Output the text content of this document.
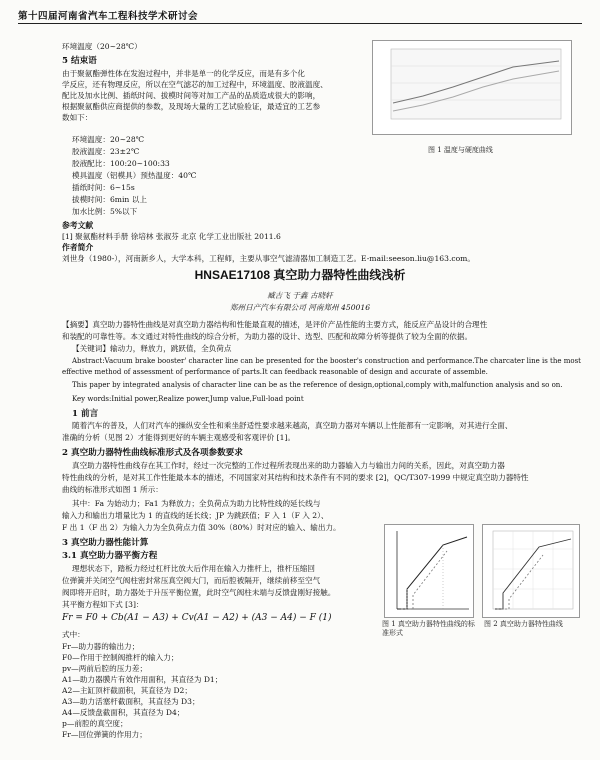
第十四届河南省汽车工程科技学术研讨会
环境温度（20~28℃）
5 结束语
由于聚氨酯弹性体在发泡过程中，并非是单一的化学反应，而是有多个化
学反应，还有物理反应，所以在空气滤芯的加工过程中，环境温度、胶液温度、
配比及加水比例、插纸时间、拔模时间等对加工产品的品质造成很大的影响，
根据聚氨酯供应商提供的参数，及现场大量的工艺试验验证，最适宜的工艺参
数如下：
环境温度：20~28℃
胶液温度：23±2℃
胶液配比：100:20~100:33
模具温度（铝模具）预热温度：40℃
插纸时间：6~15s
拔模时间：6min 以上
加水比例：5%以下
参考文献
[1] 聚氨酯材料手册 徐培林 张淑芬 北京 化学工业出版社 2011.6
作者简介
刘世身（1980-），河南新乡人，大学本科，工程师，主要从事空气滤清器加工制造工艺。E-mail:seeson.liu@163.com。
图 1 温度与硬度曲线
HNSAE17108 真空助力器特性曲线浅析
臧吉飞 于鑫 古晓轩
郑州日产汽车有限公司 河南郑州 450016
【摘要】真空助力器特性曲线是对真空助力器结构和性能最直观的描述，是评价产品性能的主要方式，能反应产品设计的合理性
和装配的可靠性等。本文通过对特性曲线的综合分析，为助力器的设计、选型、匹配和故障分析等提供了较为全面的依据。
【关键词】输动力，释放力，跳跃值，全负荷点
Abstract:Vacuum brake booster' character line can be presented for the booster's construction and performance.The charcater line is the most
effective method of assessment of performance of parts.It can feedback reasonable of design and accurate of assemble.
This paper by integrated analysis of character line can be as the reference of design,optional,comply with,malfunction analysis and so on.
Key words:Initial power,Realize power,Jump value,Full-load point
1 前言
随着汽车的普及，人们对汽车的操纵安全性和乘坐舒适性要求越来越高，真空助力器对车辆以上性能都有一定影响，对其进行全面、
准确的分析（见图 2）才能得到更好的车辆主观感受和客观评价 [1]。
2 真空助力器特性曲线标准形式及各项参数要求
真空助力器特性曲线存在其工作时，经过一次完整的工作过程所表现出来的助力器输入力与输出力间的关系，因此，对真空助力器
特性曲线的分析，是对其工作性能最本本的描述，不同国家对其结构和技术条件有不同的要求 [2]，QC/T307-1999 中规定真空助力器特性
曲线的标准形式如图 1 所示：
其中：Fa 为始动力；Fa1 为释放力；全负荷点为助力比特性线的延长线与
输入力和输出力增量比为 1 的直线的延长线；JP 为跳跃值；F 入 1（F 入 2）、
F 出 1（F 出 2）为输入力为全负荷点力值 30%（80%）时对应的输入、输出力。
3 真空助力器性能计算
3.1 真空助力器平衡方程
理想状态下，踏板力经过杠杆比放大后作用在输入力推杆上，推杆压缩回
位弹簧并关闭空气阀柱密封常压真空阀大门，而后腔被隔开，继续前移至空气
阀即将开启时，助力器处于升压平衡位置，此时空气阀柱未端与反馈盘刚好接触。
其平衡方程如下式 [3]：
Fr = F0 + Cb(A1 − A3) + Cv(A1 − A2) + (A3 − A4) − F (1)
式中：
Fr—助力器的输出力；
F0—作用于控制阀推杆的输入力；
pv—两前后腔的压力差；
A1—助力器膜片有效作用面积，其直径为 D1；
A2—主缸顶杆截面积，其直径为 D2；
A3—助力活塞杆截面积，其直径为 D3；
A4—反馈盘截面积，其直径为 D4；
p—前腔的真空度；
Fr—回位弹簧的作用力；
图 1 真空助力器特性曲线的标准形式
图 2 真空助力器特性曲线
